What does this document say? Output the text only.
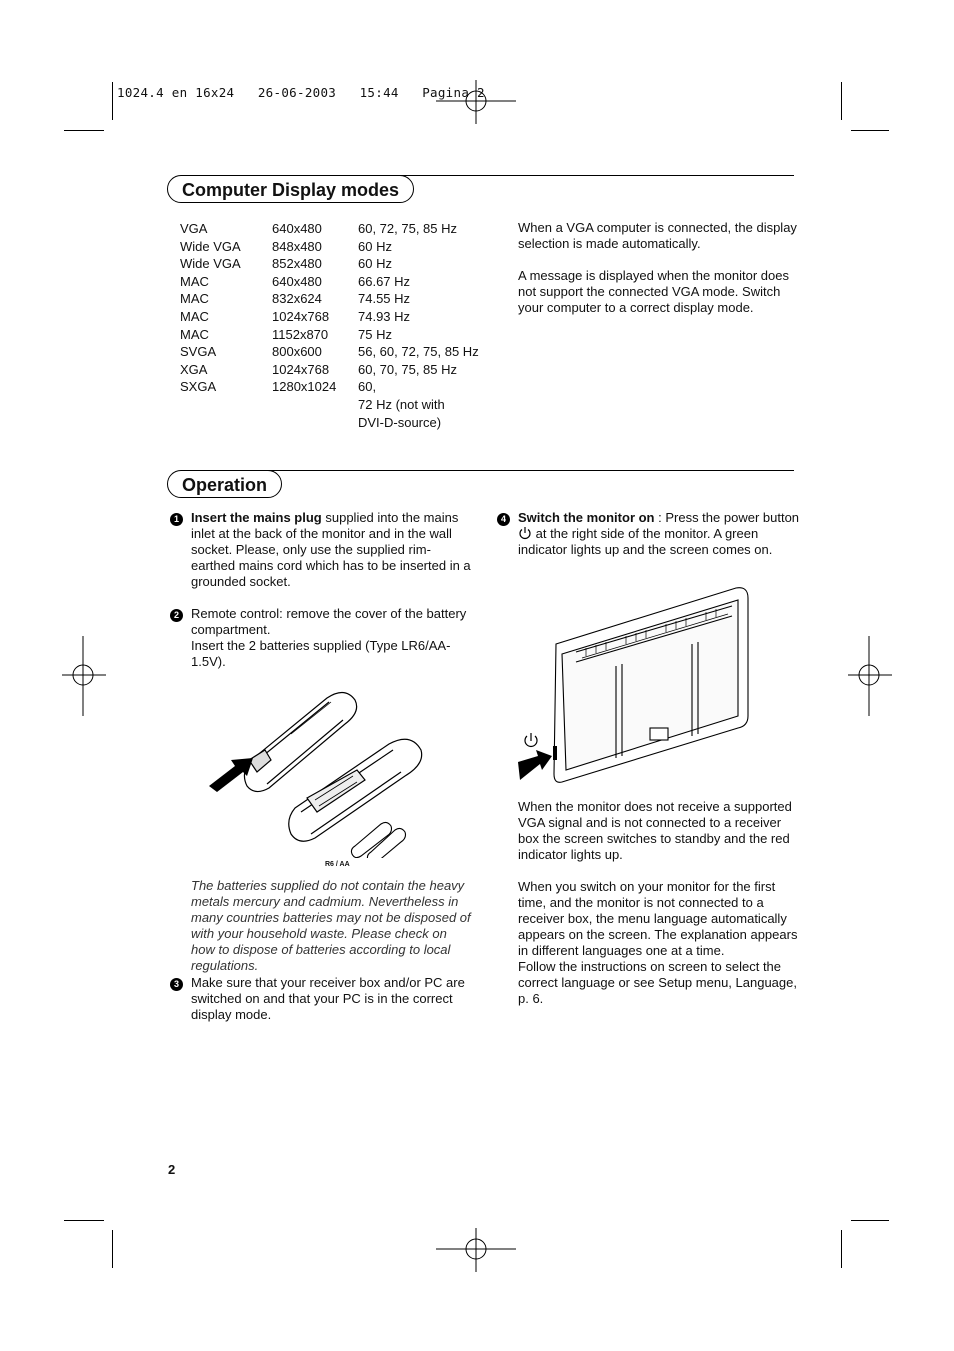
1024.4 en 16x24   26-06-2003   15:44   Pagina 2
Computer Display modes
VGA	640x480	60, 72, 75, 85 Hz
Wide VGA	848x480	60 Hz
Wide VGA	852x480	60 Hz
MAC	640x480	66.67 Hz
MAC	832x624	74.55 Hz
MAC	1024x768	74.93 Hz
MAC	1152x870	75 Hz
SVGA	800x600	56, 60, 72, 75, 85 Hz
XGA	1024x768	60, 70, 75, 85 Hz
SXGA	1280x1024	60,
		72 Hz (not with
		DVI-D-source)

When a VGA computer is connected, the display selection is made automatically.

A message is displayed when the monitor does not support the connected VGA mode. Switch your computer to a correct display mode.

Operation
1 Insert the mains plug supplied into the mains inlet at the back of the monitor and in the wall socket. Please, only use the supplied rim-earthed mains cord which has to be inserted in a grounded socket.
2 Remote control: remove the cover of the battery compartment.

Insert the 2 batteries supplied (Type LR6/AA-1.5V).

R6 / AA
The batteries supplied do not contain the heavy metals mercury and cadmium. Nevertheless in many countries batteries may not be disposed of with your household waste. Please check on how to dispose of batteries according to local regulations.
3 Make sure that your receiver box and/or PC are switched on and that your PC is in the correct display mode.
4 Switch the monitor on : Press the power button  at the right side of the monitor. A green indicator lights up and the screen comes on.

When the monitor does not receive a supported VGA signal and is not connected to a receiver box the screen switches to standby and the red indicator lights up.

When you switch on your monitor for the first time, and the monitor is not connected to a receiver box, the menu language automatically appears on the screen. The explanation appears in different languages one at a time.

Follow the instructions on screen to select the correct language or see Setup menu, Language, p. 6.

2
